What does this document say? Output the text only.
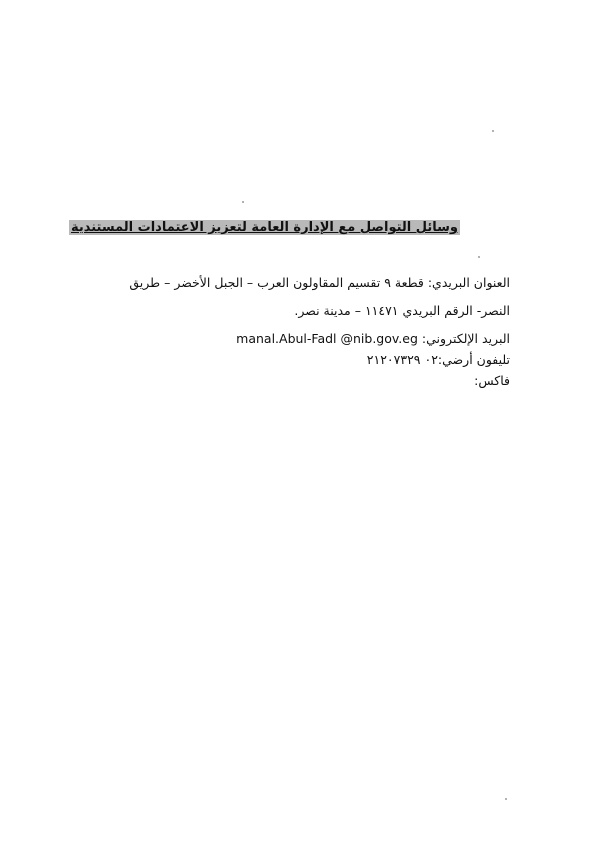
وسائل التواصل مع الإدارة العامة لتعزيز الاعتمادات المستندية
العنوان البريدي: قطعة ٩ تقسيم المقاولون العرب – الجبل الأخضر – طريق
النصر- الرقم البريدي ١١٤٧١ – مدينة نصر.
البريد الإلكتروني: manal.Abul-Fadl @nib.gov.eg
تليفون أرضي:٠٢ ٢١٢٠٧٣٢٩
فاكس:
